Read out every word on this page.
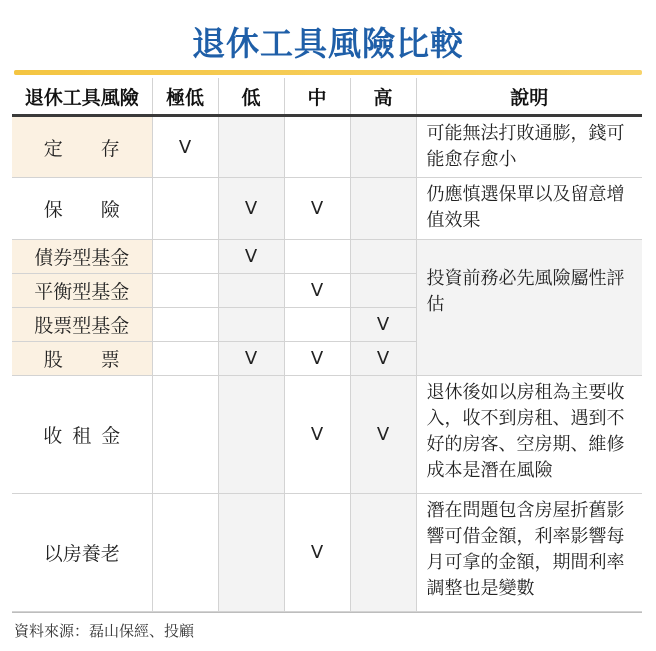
退休工具風險比較
退休工具風險	極低	低	中	高	說明
定　　存	V				可能無法打敗通膨，錢可能愈存愈小
保　　險		V	V		仍應慎選保單以及留意增值效果
債券型基金		V			投資前務必先風險屬性評估
平衡型基金			V		
股票型基金				V	
股　　票		V	V	V	
收租金			V	V	退休後如以房租為主要收入，收不到房租、遇到不好的房客、空房期、維修成本是潛在風險
以房養老			V		潛在問題包含房屋折舊影響可借金額，利率影響每月可拿的金額，期間利率調整也是變數
資料來源：磊山保經、投顧
